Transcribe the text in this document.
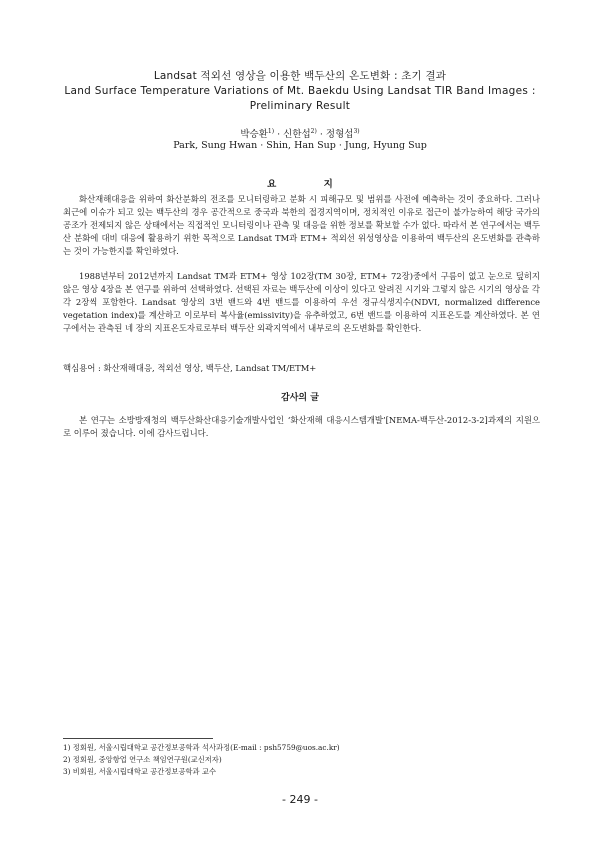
Landsat 적외선 영상을 이용한 백두산의 온도변화 : 초기 결과
Land Surface Temperature Variations of Mt. Baekdu Using Landsat TIR Band Images : Preliminary Result
박승환$^{1)}$ · 신한섭$^{2)}$ · 정형섭$^{3)}$
Park, Sung Hwan · Shin, Han Sup · Jung, Hyung Sup
요 지

화산재해대응을 위하여 화산분화의 전조를 모니터링하고 분화 시 피해규모 및 범위를 사전에 예측하는 것이 중요하다. 그러나 최근에 이슈가 되고 있는 백두산의 경우 공간적으로 중국과 북한의 접경지역이며, 정치적인 이유로 접근이 불가능하여 해당 국가의 공조가 전제되지 않은 상태에서는 직접적인 모니터링이나 관측 및 대응을 위한 정보를 확보할 수가 없다. 따라서 본 연구에서는 백두산 분화에 대비 대응에 활용하기 위한 목적으로 Landsat TM과 ETM+ 적외선 위성영상을 이용하여 백두산의 온도변화를 관측하는 것이 가능한지를 확인하였다.

1988년부터 2012년까지 Landsat TM과 ETM+ 영상 102장(TM 30장, ETM+ 72장)중에서 구름이 없고 눈으로 덮히지 않은 영상 4장을 본 연구를 위하여 선택하였다. 선택된 자료는 백두산에 이상이 있다고 알려진 시기와 그렇지 않은 시기의 영상을 각각 2장씩 포함한다. Landsat 영상의 3번 밴드와 4번 밴드를 이용하여 우선 정규식생지수(NDVI, normalized difference vegetation index)를 계산하고 이로부터 복사율(emissivity)을 유추하였고, 6번 밴드를 이용하여 지표온도를 계산하였다. 본 연구에서는 관측된 네 장의 지표온도자료로부터 백두산 외곽지역에서 내부로의 온도변화를 확인한다.

핵심용어 : 화산재해대응, 적외선 영상, 백두산, Landsat TM/ETM+
감사의 글

본 연구는 소방방재청의 백두산화산대응기술개발사업인 ‘화산재해 대응시스템개발’[NEMA-백두산-2012-3-2]과제의 지원으로 이루어 졌습니다. 이에 감사드립니다.

1) 정회원, 서울시립대학교 공간정보공학과 석사과정(E-mail : psh5759@uos.ac.kr)
2) 정회원, 중앙항업 연구소 책임연구원(교신저자)
3) 비회원, 서울시립대학교 공간정보공학과 교수
- 249 -
